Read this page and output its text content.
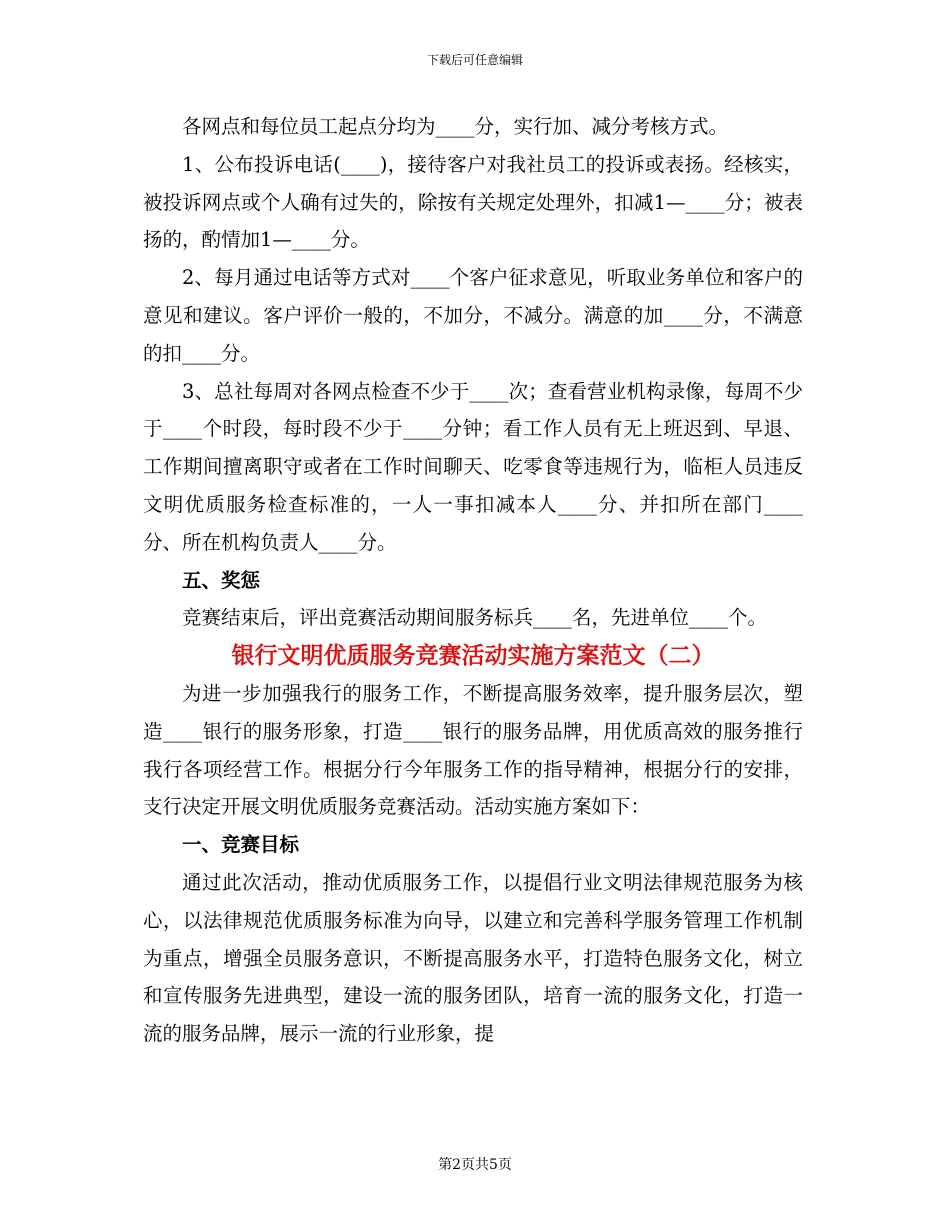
下载后可任意编辑

各网点和每位员工起点分均为____分，实行加、减分考核方式。

1、公布投诉电话(____)，接待客户对我社员工的投诉或表扬。经核实，被投诉网点或个人确有过失的，除按有关规定处理外，扣减1—____分；被表扬的，酌情加1—____分。

2、每月通过电话等方式对____个客户征求意见，听取业务单位和客户的意见和建议。客户评价一般的，不加分，不减分。满意的加____分，不满意的扣____分。

3、总社每周对各网点检查不少于____次；查看营业机构录像，每周不少于____个时段，每时段不少于____分钟；看工作人员有无上班迟到、早退、工作期间擅离职守或者在工作时间聊天、吃零食等违规行为，临柜人员违反文明优质服务检查标准的，一人一事扣减本人____分、并扣所在部门____分、所在机构负责人____分。

五、奖惩

竞赛结束后，评出竞赛活动期间服务标兵____名，先进单位____个。

银行文明优质服务竞赛活动实施方案范文（二）

为进一步加强我行的服务工作，不断提高服务效率，提升服务层次，塑造____银行的服务形象，打造____银行的服务品牌，用优质高效的服务推行我行各项经营工作。根据分行今年服务工作的指导精神，根据分行的安排，支行决定开展文明优质服务竞赛活动。活动实施方案如下：

一、竞赛目标

通过此次活动，推动优质服务工作，以提倡行业文明法律规范服务为核心，以法律规范优质服务标准为向导，以建立和完善科学服务管理工作机制为重点，增强全员服务意识，不断提高服务水平，打造特色服务文化，树立和宣传服务先进典型，建设一流的服务团队，培育一流的服务文化，打造一流的服务品牌，展示一流的行业形象，提

第2页共5页
